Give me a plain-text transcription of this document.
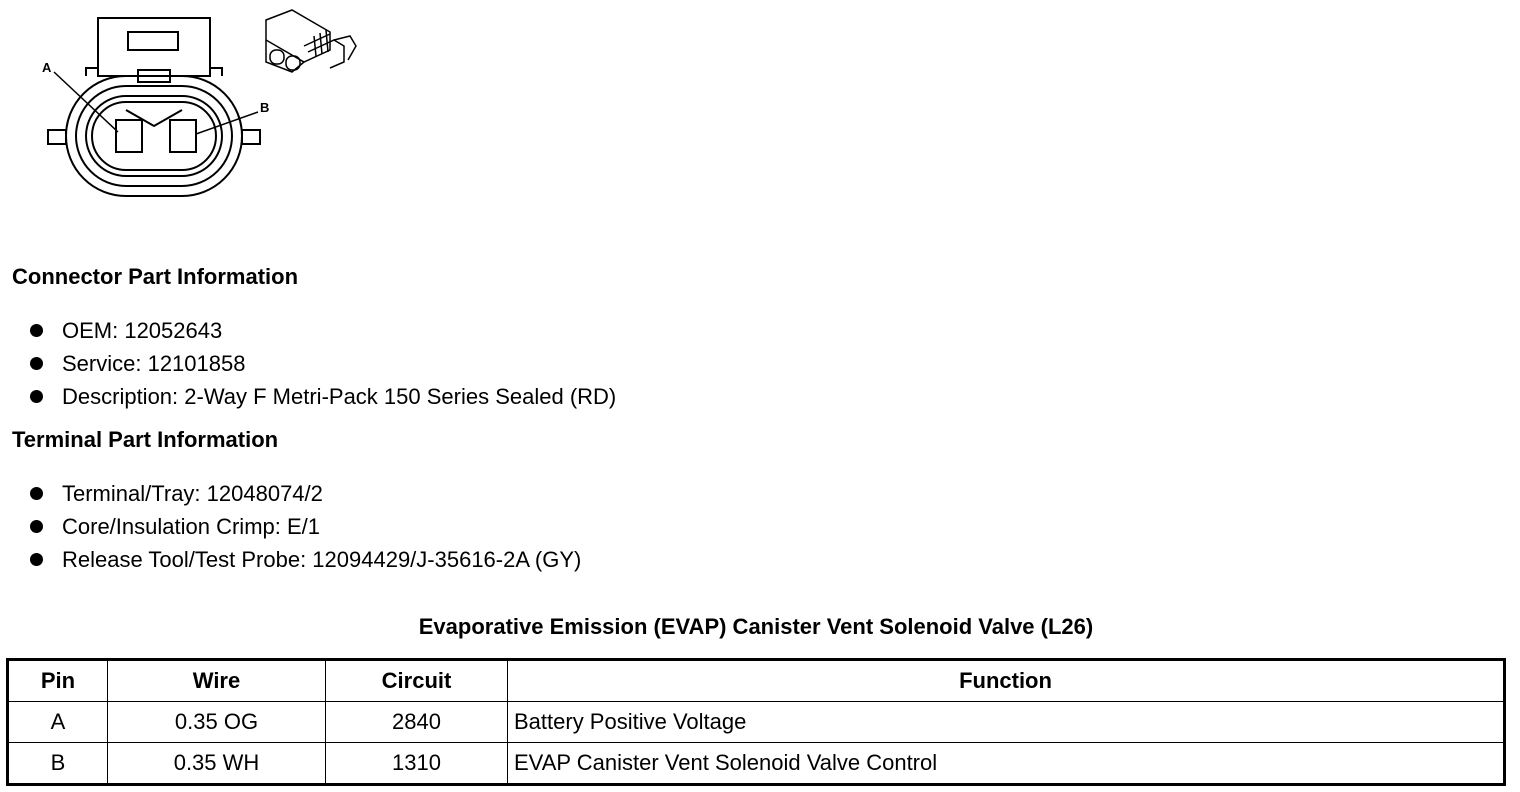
A
B
Connector Part Information
OEM: 12052643
Service: 12101858
Description: 2-Way F Metri-Pack 150 Series Sealed (RD)
Terminal Part Information
Terminal/Tray: 12048074/2
Core/Insulation Crimp: E/1
Release Tool/Test Probe: 12094429/J-35616-2A (GY)
Evaporative Emission (EVAP) Canister Vent Solenoid Valve (L26)
Pin	Wire	Circuit	Function
A	0.35 OG	2840	Battery Positive Voltage
B	0.35 WH	1310	EVAP Canister Vent Solenoid Valve Control
